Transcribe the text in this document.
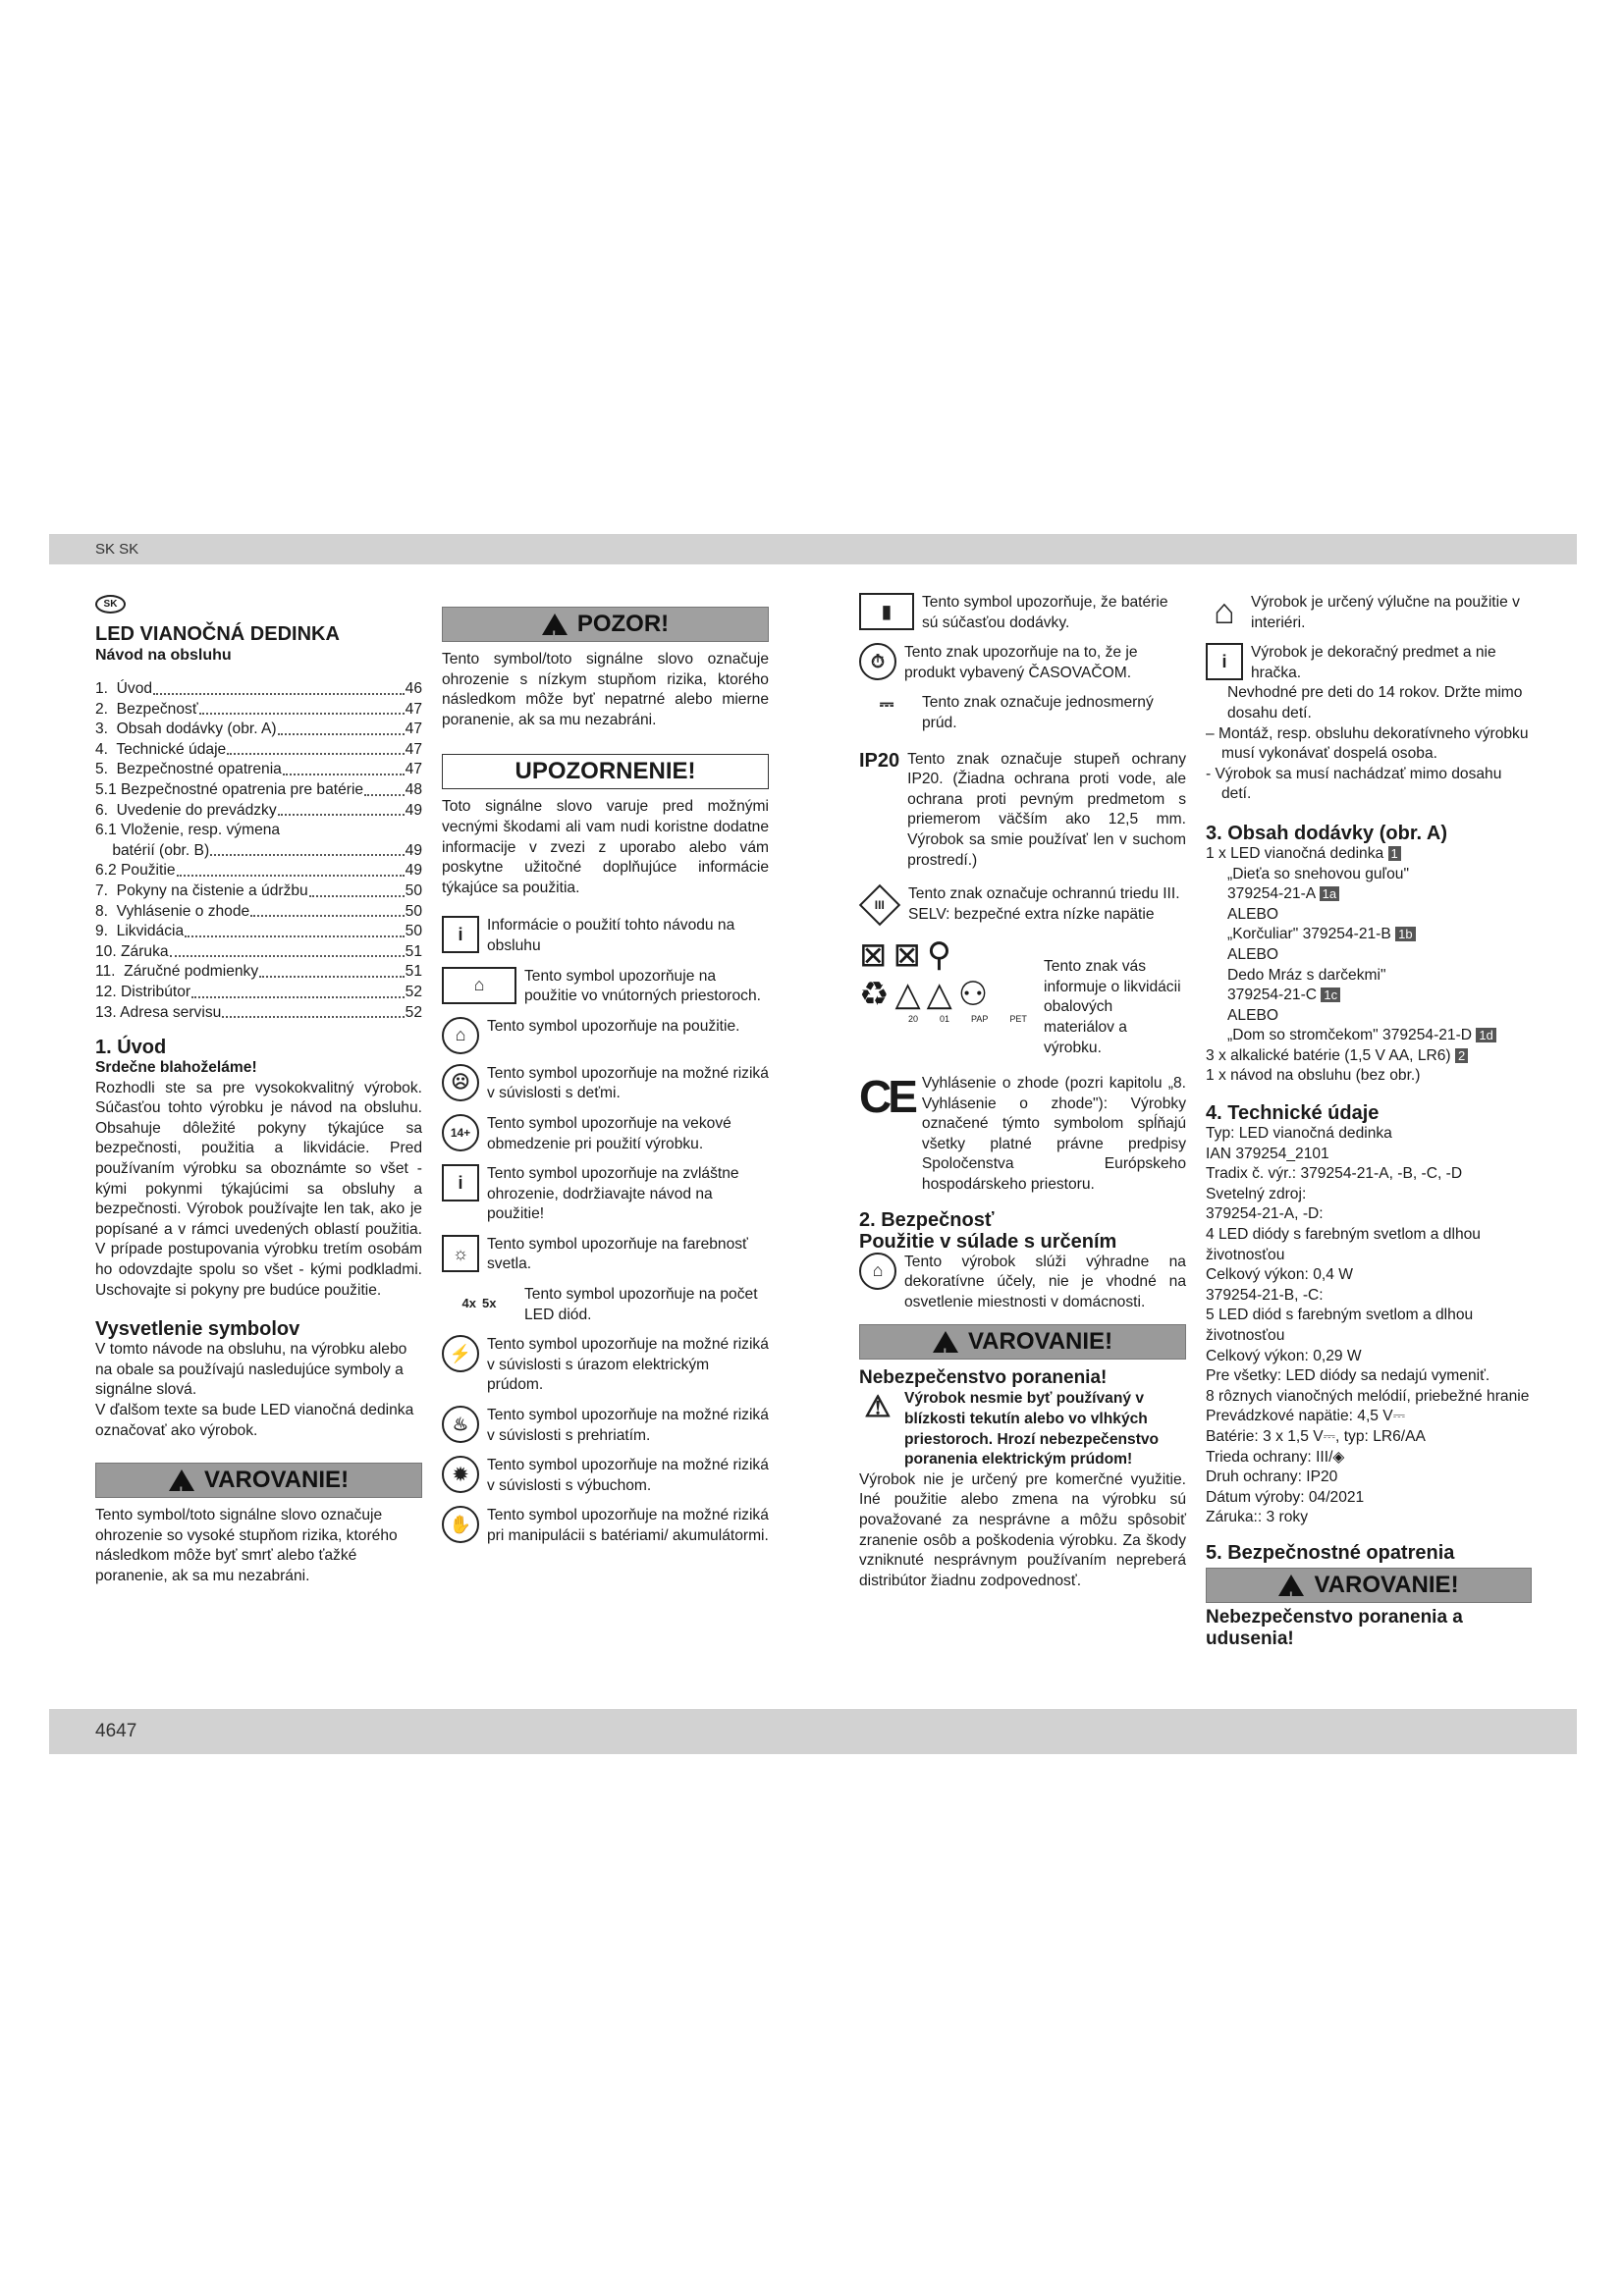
SK SK
SK
LED VIANOČNÁ DEDINKA
Návod na obsluhu
1.  Úvod	46
2.  Bezpečnosť	47
3.  Obsah dodávky (obr. A)	47
4.  Technické údaje	47
5.  Bezpečnostné opatrenia	47
5.1 Bezpečnostné opatrenia pre batérie	48
6.  Uvedenie do prevádzky	49
6.1 Vloženie, resp. výmena
batérií (obr. B)	49
6.2 Použitie	49
7.  Pokyny na čistenie a údržbu	50
8.  Vyhlásenie o zhode	50
9.  Likvidácia	50
10. Záruka	51
11.  Záručné podmienky	51
12. Distribútor	52
13. Adresa servisu	52
1. Úvod
Srdečne blahoželáme!

Rozhodli ste sa pre vysokokvalitný výrobok. Súčasťou tohto výrobku je návod na obsluhu. Obsahuje dôležité pokyny týkajúce sa bezpečnosti, použitia a likvidácie. Pred používaním výrobku sa oboznámte so všet - kými pokynmi týkajúcimi sa obsluhy a bezpečnosti. Výrobok používajte len tak, ako je popísané a v rámci uvedených oblastí použitia. V prípade postupovania výrobku tretím osobám ho odovzdajte spolu so všet - kými podkladmi. Uschovajte si pokyny pre budúce použitie.

Vysvetlenie symbolov

V tomto návode na obsluhu, na výrobku alebo na obale sa používajú nasledujúce symboly a signálne slová.

V ďalšom texte sa bude LED vianočná dedinka označovať ako výrobok.

!
VAROVANIE!

Tento symbol/toto signálne slovo označuje ohrozenie so vysoké stupňom rizika, ktorého následkom môže byť smrť alebo ťažké poranenie, ak sa mu nezabráni.

!
POZOR!

Tento symbol/toto signálne slovo označuje ohrozenie s nízkym stupňom rizika, ktorého následkom môže byť nepatrné alebo mierne poranenie, ak sa mu nezabráni.

UPOZORNENIE!

Toto signálne slovo varuje pred možnými vecnými škodami ali vam nudi koristne dodatne informacije v zvezi z uporabo alebo vám poskytne užitočné doplňujúce informácie týkajúce sa použitia.

i	Informácie o použití tohto návodu na obsluhu
⌂	Tento symbol upozorňuje na použitie vo vnútorných priestoroch.
⌂	Tento symbol upozorňuje na použitie.
☹	Tento symbol upozorňuje na možné riziká v súvislosti s deťmi.
14+
Tento symbol upozorňuje na vekové obmedzenie pri použití výrobku.
i	Tento symbol upozorňuje na zvláštne ohrozenie, dodržiavajte návod na použitie!
☼	Tento symbol upozorňuje na farebnosť svetla.
4x 5x
Tento symbol upozorňuje na počet LED diód.
⚡	Tento symbol upozorňuje na možné riziká v súvislosti s úrazom elektrickým prúdom.
♨	Tento symbol upozorňuje na možné riziká v súvislosti s prehriatím.
✹	Tento symbol upozorňuje na možné riziká v súvislosti s výbuchom.
✋	Tento symbol upozorňuje na možné riziká pri manipulácii s batériami/ akumulátormi.
▮	Tento symbol upozorňuje, že batérie sú súčasťou dodávky.
⏱	Tento znak upozorňuje na to, že je produkt vybavený ČASOVAČOM.
⎓	Tento znak označuje jednosmerný prúd.
IP20 Tento znak označuje stupeň ochrany IP20. (Žiadna ochrana proti vode, ale ochrana proti pevným predmetom s priemerom väčším ako 12,5 mm. Výrobok sa smie používať len v suchom prostredí.)
III
Tento znak označuje ochrannú triedu III.
SELV: bezpečné extra nízke napätie
⊠⊠⚲
♻△△⚇
20 01 PAP PET
Tento znak vás informuje o likvidácii obalových materiálov a výrobku.
CE Vyhlásenie o zhode (pozri kapitolu „8. Vyhlásenie o zhode"): Výrobky označené týmto symbolom spĺňajú všetky platné právne predpisy Spoločenstva Európskeho hospodárskeho priestoru.
2. Bezpečnosť
Použitie v súlade s určením
⌂	Tento výrobok slúži výhradne na dekoratívne účely, nie je vhodné na osvetlenie miestnosti v domácnosti.
!
VAROVANIE!
Nebezpečenstvo poranenia!
⚠ Výrobok nesmie byť používaný v blízkosti tekutín alebo vo vlhkých priestoroch. Hrozí nebezpečenstvo poranenia elektrickým prúdom!

Výrobok nie je určený pre komerčné využitie. Iné použitie alebo zmena na výrobku sú považované za nesprávne a môžu spôsobiť zranenie osôb a poškodenia výrobku. Za škody vzniknuté nesprávnym používaním nepreberá distribútor žiadnu zodpovednosť.

⌂	Výrobok je určený výlučne na použitie v interiéri.
i	Výrobok je dekoračný predmet a nie hračka.

Nevhodné pre deti do 14 rokov. Držte mimo dosahu detí.

– Montáž, resp. obsluhu dekoratívneho výrobku musí vykonávať dospelá osoba.

- Výrobok sa musí nachádzať mimo dosahu detí.

3. Obsah dodávky (obr. A)
1 x LED vianočná dedinka 1
„Dieťa so snehovou guľou"
379254-21-A 1a
ALEBO
„Korčuliar" 379254-21-B 1b
ALEBO
Dedo Mráz s darčekmi"
379254-21-C 1c
ALEBO
„Dom so stromčekom" 379254-21-D 1d
3 x alkalické batérie (1,5 V AA, LR6) 2
1 x návod na obsluhu (bez obr.)
4. Technické údaje
Typ: LED vianočná dedinka
IAN 379254_2101
Tradix č. výr.: 379254-21-A, -B, -C, -D
Svetelný zdroj:
379254-21-A, -D:
4 LED diódy s farebným svetlom a dlhou životnosťou
Celkový výkon: 0,4 W
379254-21-B, -C:
5 LED diód s farebným svetlom a dlhou životnosťou
Celkový výkon: 0,29 W
Pre všetky: LED diódy sa nedajú vymeniť.
8 rôznych vianočných melódií, priebežné hranie
Prevádzkové napätie: 4,5 V⎓
Batérie: 3 x 1,5 V⎓, typ: LR6/AA
Trieda ochrany: III/◈
Druh ochrany: IP20
Dátum výroby: 04/2021
Záruka:: 3 roky
5. Bezpečnostné opatrenia
!
VAROVANIE!
Nebezpečenstvo poranenia a udusenia!
4647
